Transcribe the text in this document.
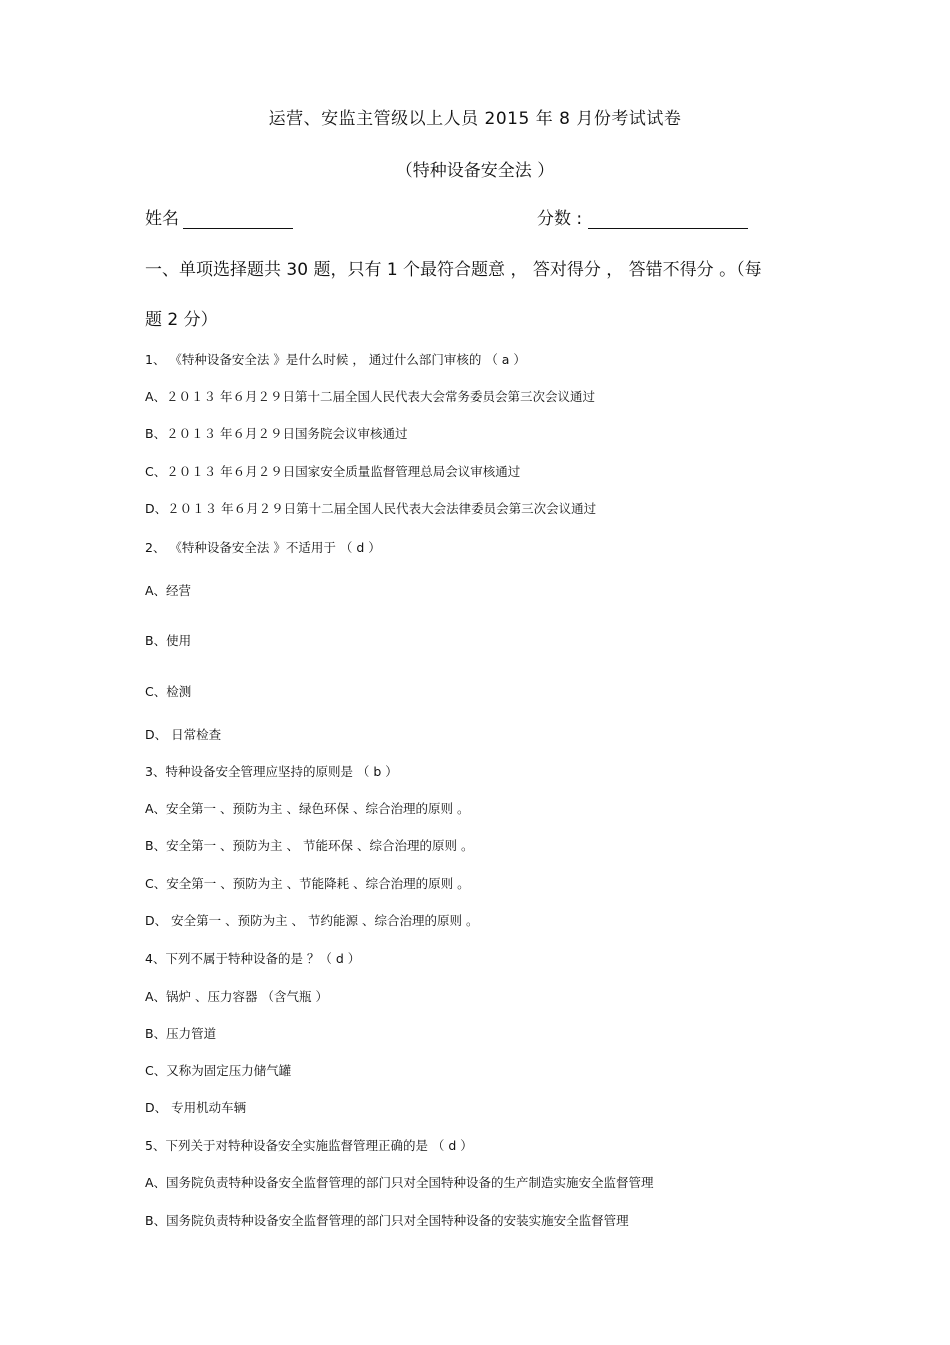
运营、安监主管级以上人员 2015 年 8 月份考试试卷
（特种设备安全法 ）
姓名	分数 :
一、单项选择题共 30 题，只有 1 个最符合题意 ， 答对得分 ， 答错不得分 。（每
题 2 分）
1、 《特种设备安全法 》是什么时候 ， 通过什么部门审核的 （ a ）
A、２０１３ 年６月２９日第十二届全国人民代表大会常务委员会第三次会议通过
B、２０１３ 年６月２９日国务院会议审核通过
C、２０１３ 年６月２９日国家安全质量监督管理总局会议审核通过
D、２０１３ 年６月２９日第十二届全国人民代表大会法律委员会第三次会议通过
2、 《特种设备安全法 》不适用于 （ d ）
A、经营
B、使用
C、检测
D、 日常检查
3、特种设备安全管理应坚持的原则是 （ b ）
A、安全第一 、预防为主 、绿色环保 、综合治理的原则 。
B、安全第一 、预防为主 、 节能环保 、综合治理的原则 。
C、安全第一 、预防为主 、节能降耗 、综合治理的原则 。
D、 安全第一 、预防为主 、 节约能源 、综合治理的原则 。
4、下列不属于特种设备的是 ？（ d ）
A、锅炉 、压力容器 （含气瓶 ）
B、压力管道
C、又称为固定压力储气罐
D、 专用机动车辆
5、下列关于对特种设备安全实施监督管理正确的是 （ d ）
A、国务院负责特种设备安全监督管理的部门只对全国特种设备的生产制造实施安全监督管理
B、国务院负责特种设备安全监督管理的部门只对全国特种设备的安装实施安全监督管理
